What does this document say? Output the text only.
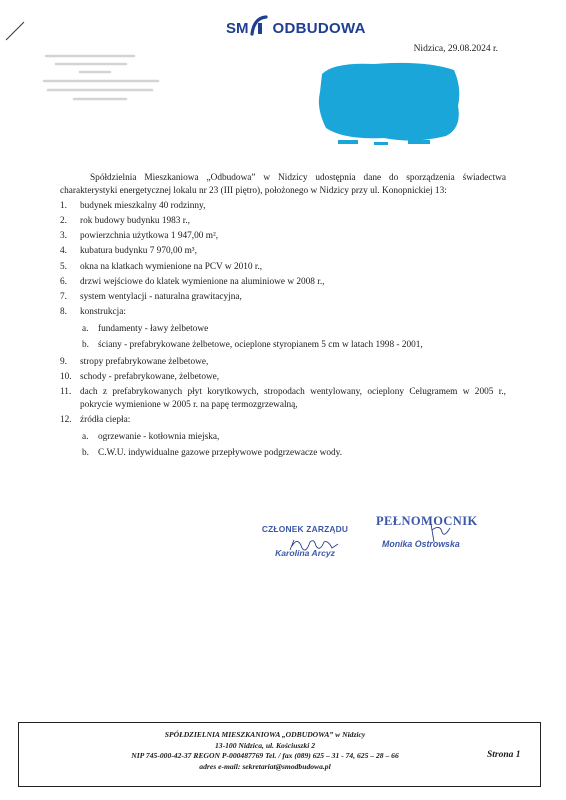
SM ODBUDOWA
Nidzica, 29.08.2024 r.

Spółdzielnia Mieszkaniowa „Odbudowa” w Nidzicy udostępnia dane do sporządzenia świadectwa charakterystyki energetycznej lokalu nr 23 (III piętro), położonego w Nidzicy przy ul. Konopnickiej 13:

1. budynek mieszkalny 40 rodzinny,
2. rok budowy budynku 1983 r.,
3. powierzchnia użytkowa 1 947,00 m²,
4. kubatura budynku 7 970,00 m³,
5. okna na klatkach wymienione na PCV w 2010 r.,
6. drzwi wejściowe do klatek wymienione na aluminiowe w 2008 r.,
7. system wentylacji - naturalna grawitacyjna,
8. konstrukcja:
a. fundamenty - ławy żelbetowe
b. ściany - prefabrykowane żelbetowe, ocieplone styropianem 5 cm w latach 1998 - 2001,
9. stropy prefabrykowane żelbetowe,
10. schody - prefabrykowane, żelbetowe,
11. dach z prefabrykowanych płyt korytkowych, stropodach wentylowany, ocieplony Celugramem w 2005 r., pokrycie wymienione w 2005 r. na papę termozgrzewalną,
12. źródła ciepła:
a. ogrzewanie - kotłownia miejska,
b. C.W.U. indywidualne gazowe przepływowe podgrzewacze wody.
CZŁONEK ZARZĄDU
Karolina Arcyz
PEŁNOMOCNIK
Monika Ostrowska
SPÓŁDZIELNIA MIESZKANIOWA „ODBUDOWA” w Nidzicy
13-100 Nidzica, ul. Kościuszki 2
NIP 745-000-42-37 REGON P-000487769 Tel. / fax (089) 625 – 31 - 74, 625 – 28 – 66
adres e-mail: sekretariat@smodbudowa.pl
Strona 1
